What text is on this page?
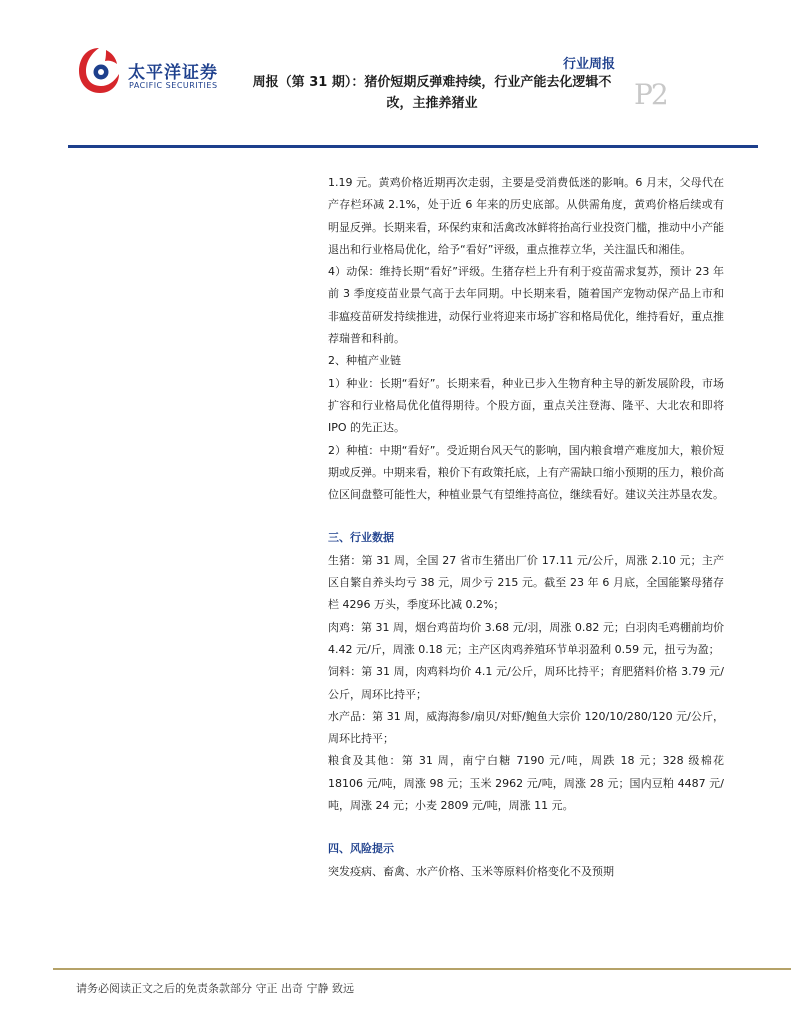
太平洋证券
PACIFIC SECURITIES
行业周报
周报（第 31 期）：猪价短期反弹难持续，行业产能去化逻辑不改，主推养猪业	P2

1.19 元。黄鸡价格近期再次走弱，主要是受消费低迷的影响。6 月末，父母代在产存栏环减 2.1%，处于近 6 年来的历史底部。从供需角度，黄鸡价格后续或有明显反弹。长期来看，环保约束和活禽改冰鲜将抬高行业投资门槛，推动中小产能退出和行业格局优化，给予“看好”评级，重点推荐立华，关注温氏和湘佳。

4）动保：维持长期“看好”评级。生猪存栏上升有利于疫苗需求复苏，预计 23 年前 3 季度疫苗业景气高于去年同期。中长期来看，随着国产宠物动保产品上市和非瘟疫苗研发持续推进，动保行业将迎来市场扩容和格局优化，维持看好，重点推荐瑞普和科前。

2、种植产业链

1）种业：长期“看好”。长期来看，种业已步入生物育种主导的新发展阶段，市场扩容和行业格局优化值得期待。个股方面，重点关注登海、隆平、大北农和即将 IPO 的先正达。

2）种植：中期“看好”。受近期台风天气的影响，国内粮食增产难度加大，粮价短期或反弹。中期来看，粮价下有政策托底，上有产需缺口缩小预期的压力，粮价高位区间盘整可能性大，种植业景气有望维持高位，继续看好。建议关注苏垦农发。

三、行业数据

生猪：第 31 周，全国 27 省市生猪出厂价 17.11 元/公斤，周涨 2.10 元；主产区自繁自养头均亏 38 元，周少亏 215 元。截至 23 年 6 月底，全国能繁母猪存栏 4296 万头，季度环比减 0.2%；

肉鸡：第 31 周，烟台鸡苗均价 3.68 元/羽，周涨 0.82 元；白羽肉毛鸡棚前均价 4.42 元/斤，周涨 0.18 元；主产区肉鸡养殖环节单羽盈利 0.59 元，扭亏为盈；

饲料：第 31 周，肉鸡料均价 4.1 元/公斤，周环比持平；育肥猪料价格 3.79 元/公斤，周环比持平；

水产品：第 31 周，威海海参/扇贝/对虾/鲍鱼大宗价 120/10/280/120 元/公斤，周环比持平；

粮食及其他：第 31 周，南宁白糖 7190 元/吨，周跌 18 元；328 级棉花 18106 元/吨，周涨 98 元；玉米 2962 元/吨，周涨 28 元；国内豆粕 4487 元/吨，周涨 24 元；小麦 2809 元/吨，周涨 11 元。

四、风险提示

突发疫病、畜禽、水产价格、玉米等原料价格变化不及预期

请务必阅读正文之后的免责条款部分 守正 出奇 宁静 致远
